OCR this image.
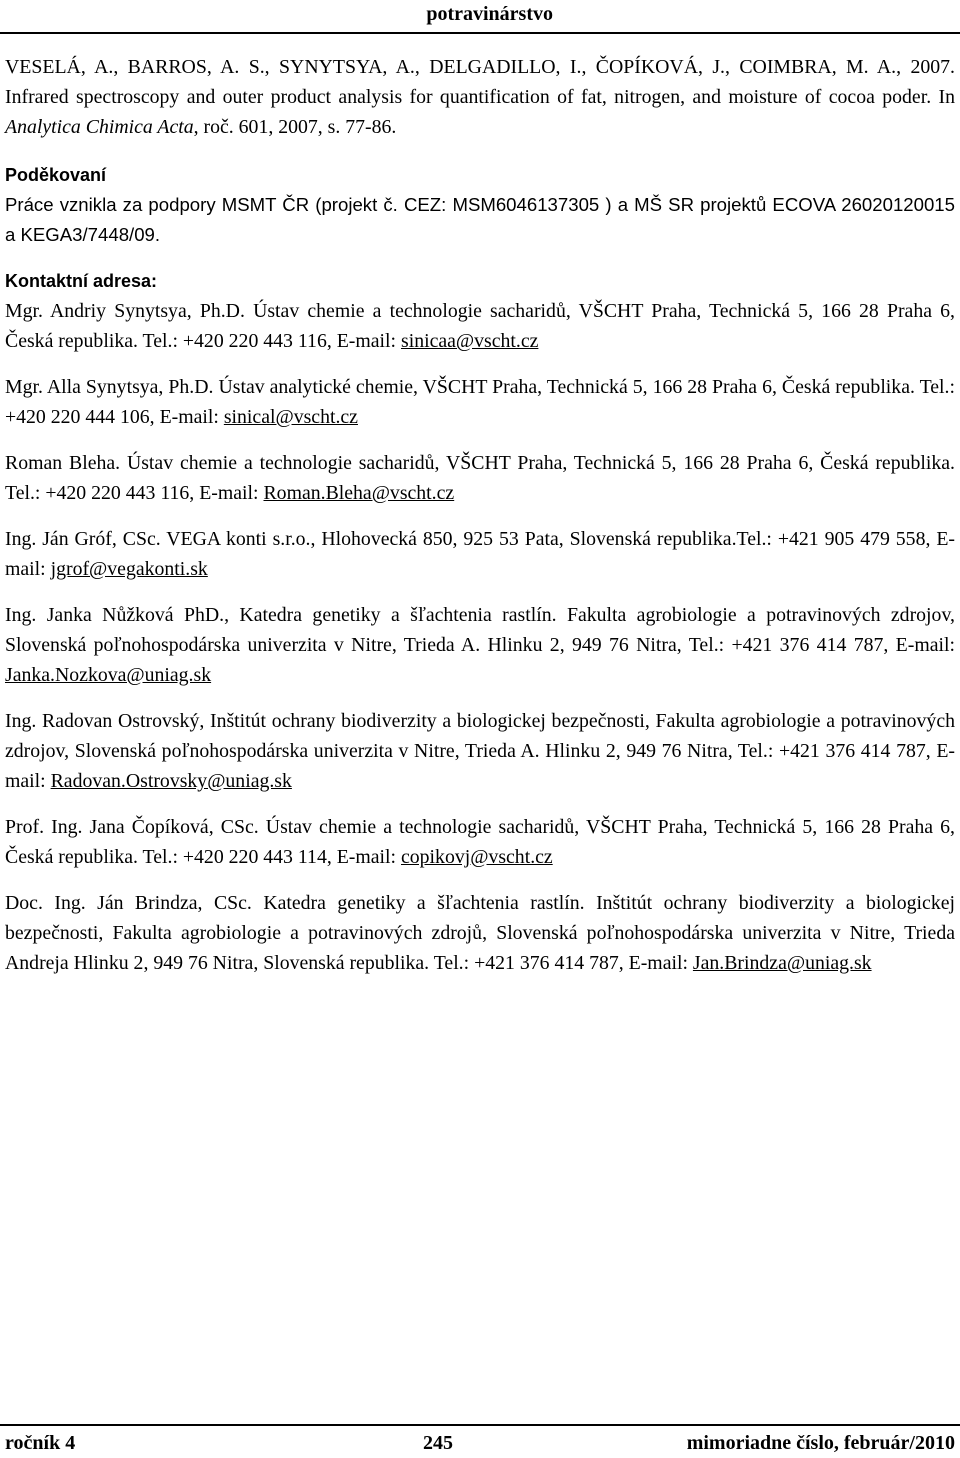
potravinárstvo

VESELÁ, A., BARROS, A. S., SYNYTSYA, A., DELGADILLO, I., ČOPÍKOVÁ, J., COIMBRA, M. A., 2007. Infrared spectroscopy and outer product analysis for quantification of fat, nitrogen, and moisture of cocoa poder. In Analytica Chimica Acta, roč. 601, 2007, s. 77-86.

Poděkovaní

Práce vznikla za podpory MSMT ČR (projekt č. CEZ: MSM6046137305 ) a MŠ SR projektů ECOVA 26020120015 a KEGA3/7448/09.

Kontaktní adresa:

Mgr. Andriy Synytsya, Ph.D. Ústav chemie a technologie sacharidů, VŠCHT Praha, Technická 5, 166 28 Praha 6, Česká republika. Tel.: +420 220 443 116, E-mail: sinicaa@vscht.cz

Mgr. Alla Synytsya, Ph.D. Ústav analytické chemie, VŠCHT Praha, Technická 5, 166 28 Praha 6, Česká republika. Tel.: +420 220 444 106, E-mail: sinical@vscht.cz

Roman Bleha. Ústav chemie a technologie sacharidů, VŠCHT Praha, Technická 5, 166 28 Praha 6, Česká republika. Tel.: +420 220 443 116, E-mail: Roman.Bleha@vscht.cz

Ing. Ján Gróf, CSc. VEGA konti s.r.o., Hlohovecká 850, 925 53 Pata, Slovenská republika.Tel.: +421 905 479 558, E-mail: jgrof@vegakonti.sk

Ing. Janka Nůžková PhD., Katedra genetiky a šľachtenia rastlín. Fakulta agrobiologie a potravinových zdrojov, Slovenská poľnohospodárska univerzita v Nitre, Trieda A. Hlinku 2, 949 76 Nitra, Tel.: +421 376 414 787, E-mail: Janka.Nozkova@uniag.sk

Ing. Radovan Ostrovský, Inštitút ochrany biodiverzity a biologickej bezpečnosti, Fakulta agrobiologie a potravinových zdrojov, Slovenská poľnohospodárska univerzita v Nitre, Trieda A. Hlinku 2, 949 76 Nitra, Tel.: +421 376 414 787, E-mail: Radovan.Ostrovsky@uniag.sk

Prof. Ing. Jana Čopíková, CSc. Ústav chemie a technologie sacharidů, VŠCHT Praha, Technická 5, 166 28 Praha 6, Česká republika. Tel.: +420 220 443 114, E-mail: copikovj@vscht.cz

Doc. Ing. Ján Brindza, CSc. Katedra genetiky a šľachtenia rastlín. Inštitút ochrany biodiverzity a biologickej bezpečnosti, Fakulta agrobiologie a potravinových zdrojů, Slovenská poľnohospodárska univerzita v Nitre, Trieda Andreja Hlinku 2, 949 76 Nitra, Slovenská republika. Tel.: +421 376 414 787, E-mail: Jan.Brindza@uniag.sk

ročník 4	245	mimoriadne číslo, február/2010
